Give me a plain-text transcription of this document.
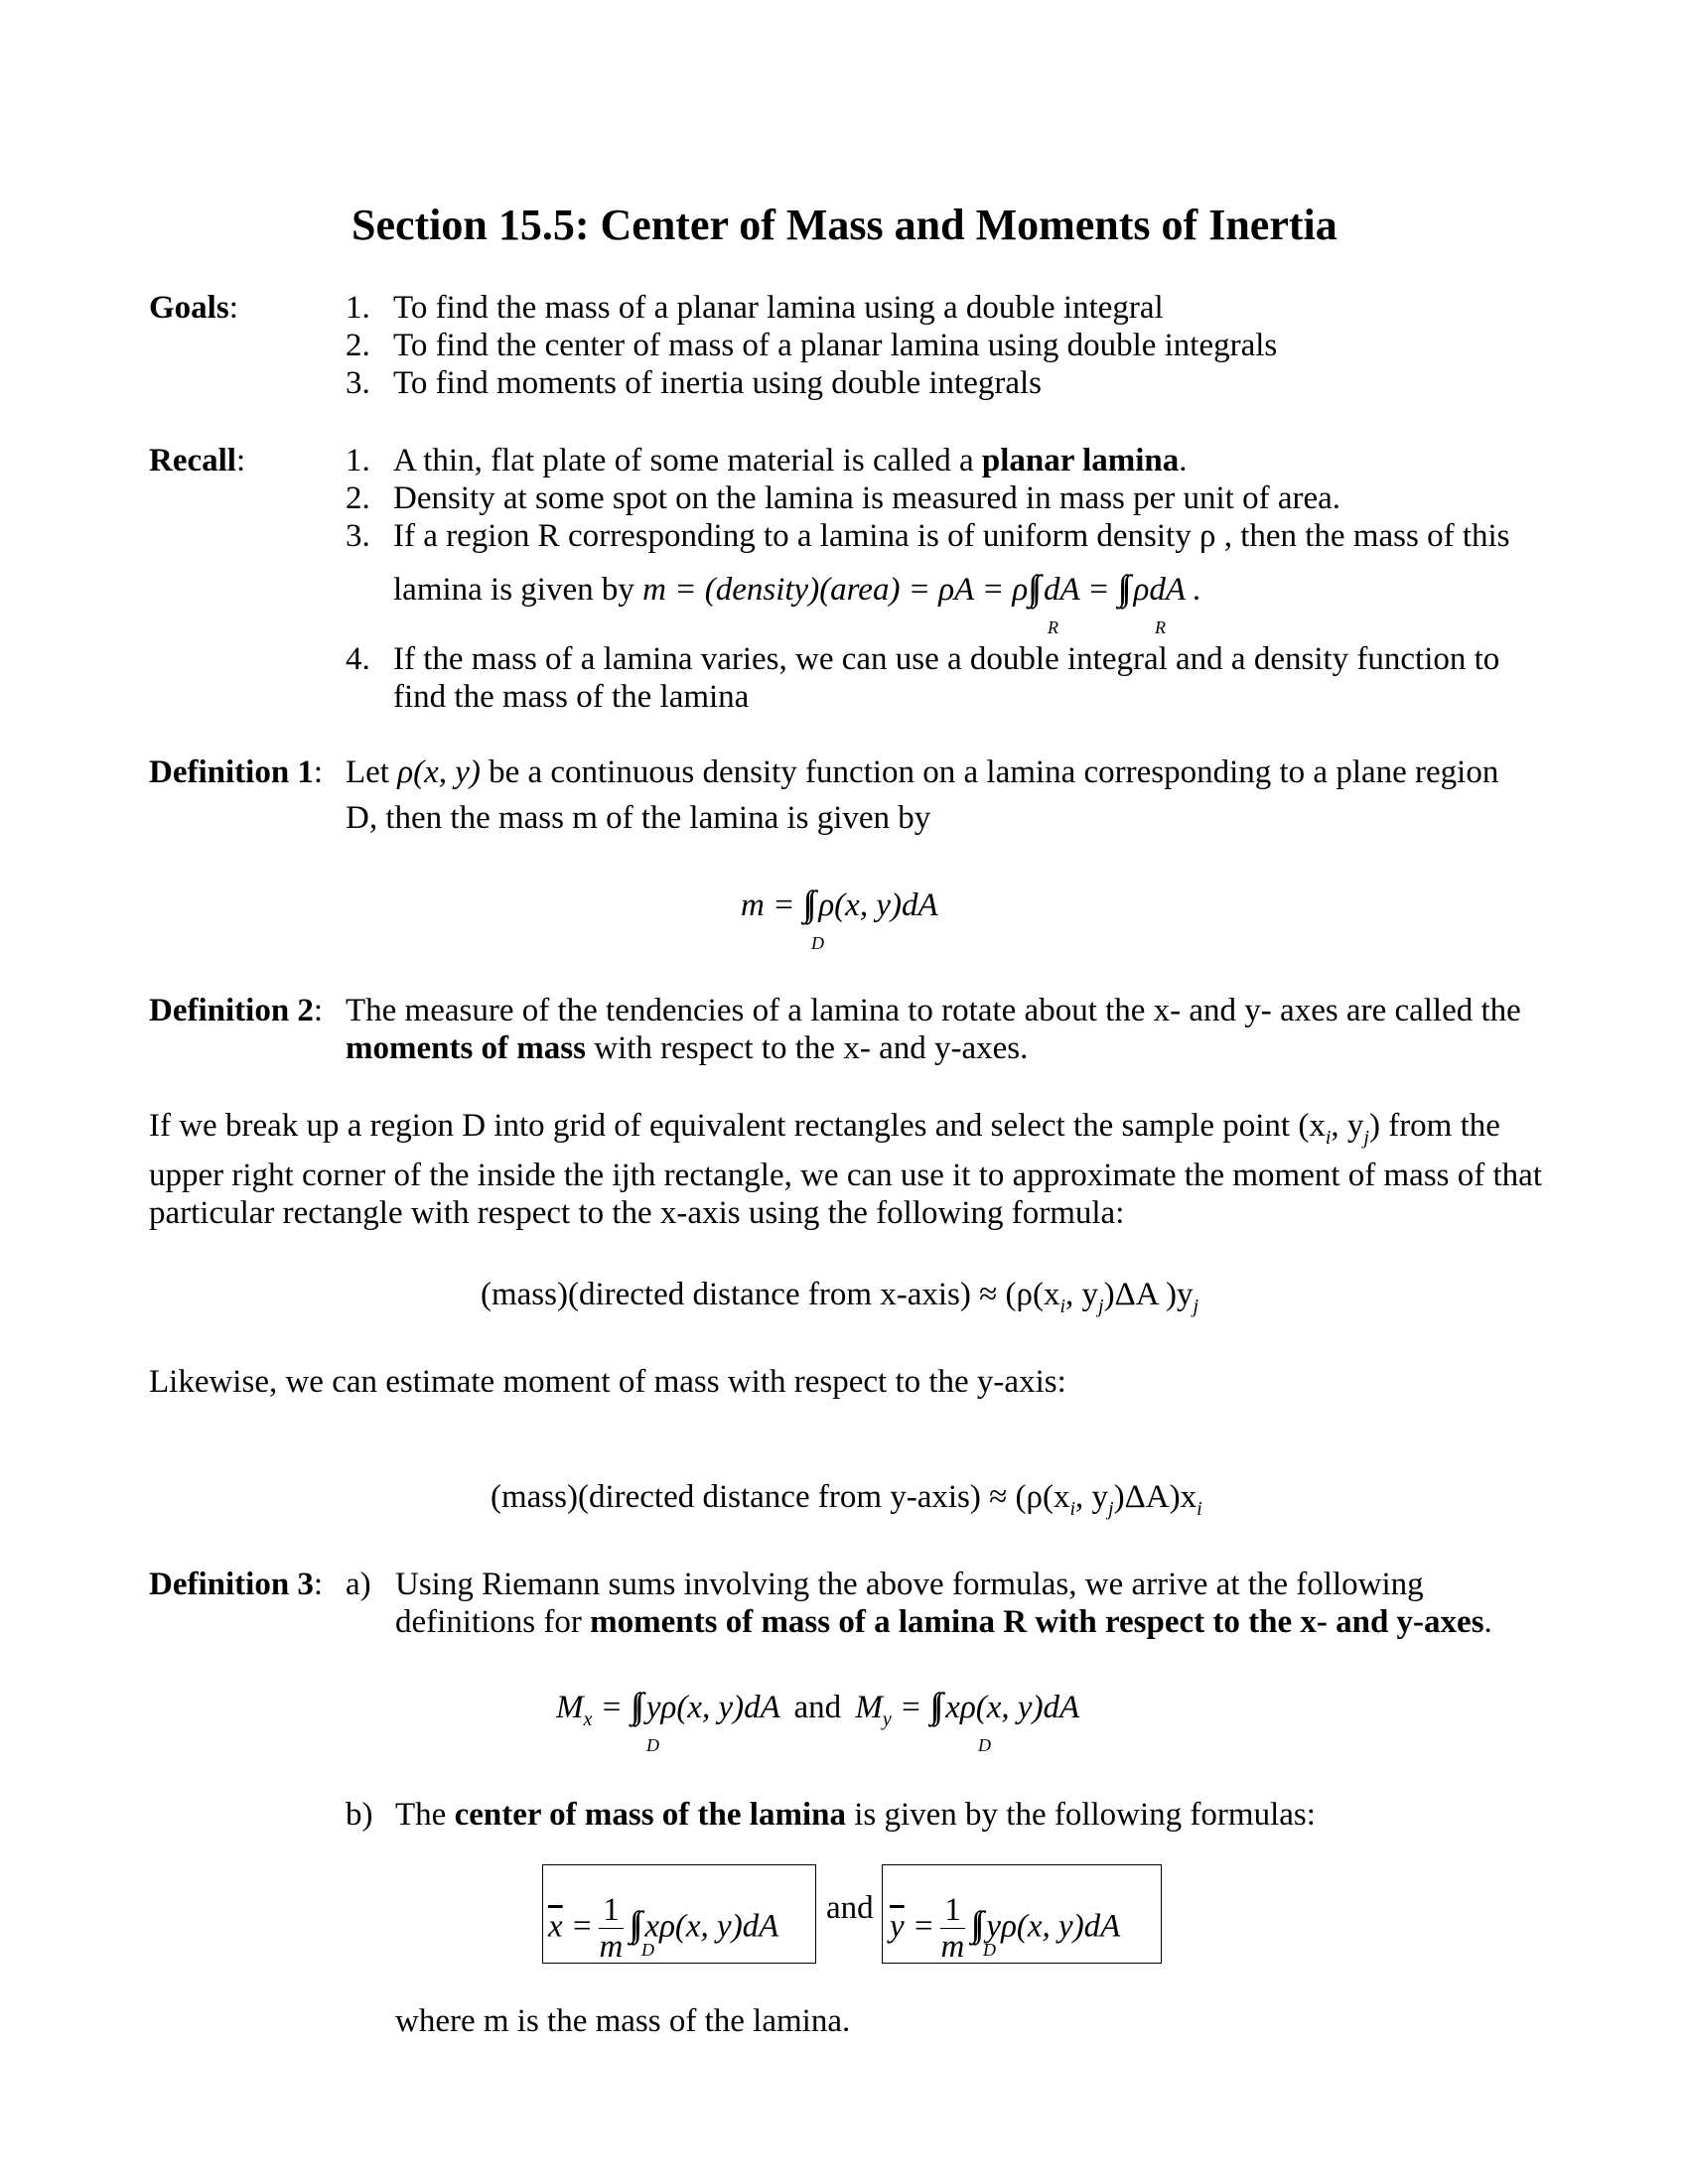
Section 15.5: Center of Mass and Moments of Inertia
Goals:	1. To find the mass of a planar lamina using a double integral
2. To find the center of mass of a planar lamina using double integrals
3. To find moments of inertia using double integrals
Recall:	1. A thin, flat plate of some material is called a planar lamina.
2. Density at some spot on the lamina is measured in mass per unit of area.
3. If a region R corresponding to a lamina is of uniform density ρ , then the mass of this
lamina is given by m = (density)(area) = ρA = ρ∫∫ dA = ∫∫ ρdA .
R	R
4. If the mass of a lamina varies, we can use a double integral and a density function to
find the mass of the lamina
Definition 1: Let ρ(x, y) be a continuous density function on a lamina corresponding to a plane region
D, then the mass m of the lamina is given by
m = ∫∫ ρ(x, y)dA
D
Definition 2: The measure of the tendencies of a lamina to rotate about the x- and y- axes are called the
moments of mass with respect to the x- and y-axes.
If we break up a region D into grid of equivalent rectangles and select the sample point ($x_i$, $y_j$) from the
upper right corner of the inside the ijth rectangle, we can use it to approximate the moment of mass of that
particular rectangle with respect to the x-axis using the following formula:
(mass)(directed distance from x-axis) ≈ ($\rho(x_i$, $y_j)\Delta A$ )$y_j$
Likewise, we can estimate moment of mass with respect to the y-axis:
(mass)(directed distance from y-axis) ≈ ($\rho(x_i$, $y_j)\Delta A)x_i$
Definition 3: a) Using Riemann sums involving the above formulas, we arrive at the following
definitions for moments of mass of a lamina R with respect to the x- and y-axes.
$M_x$ = ∫∫ yρ(x, y)dA and $M_y$ = ∫∫ xρ(x, y)dA
D	D
b) The center of mass of the lamina is given by the following formulas:
$\overline{x} = \frac{1}{m}$ ∫∫ xρ(x, y)dA
D
and
$\overline{y} = \frac{1}{m}$ ∫∫ yρ(x, y)dA
D
where m is the mass of the lamina.
